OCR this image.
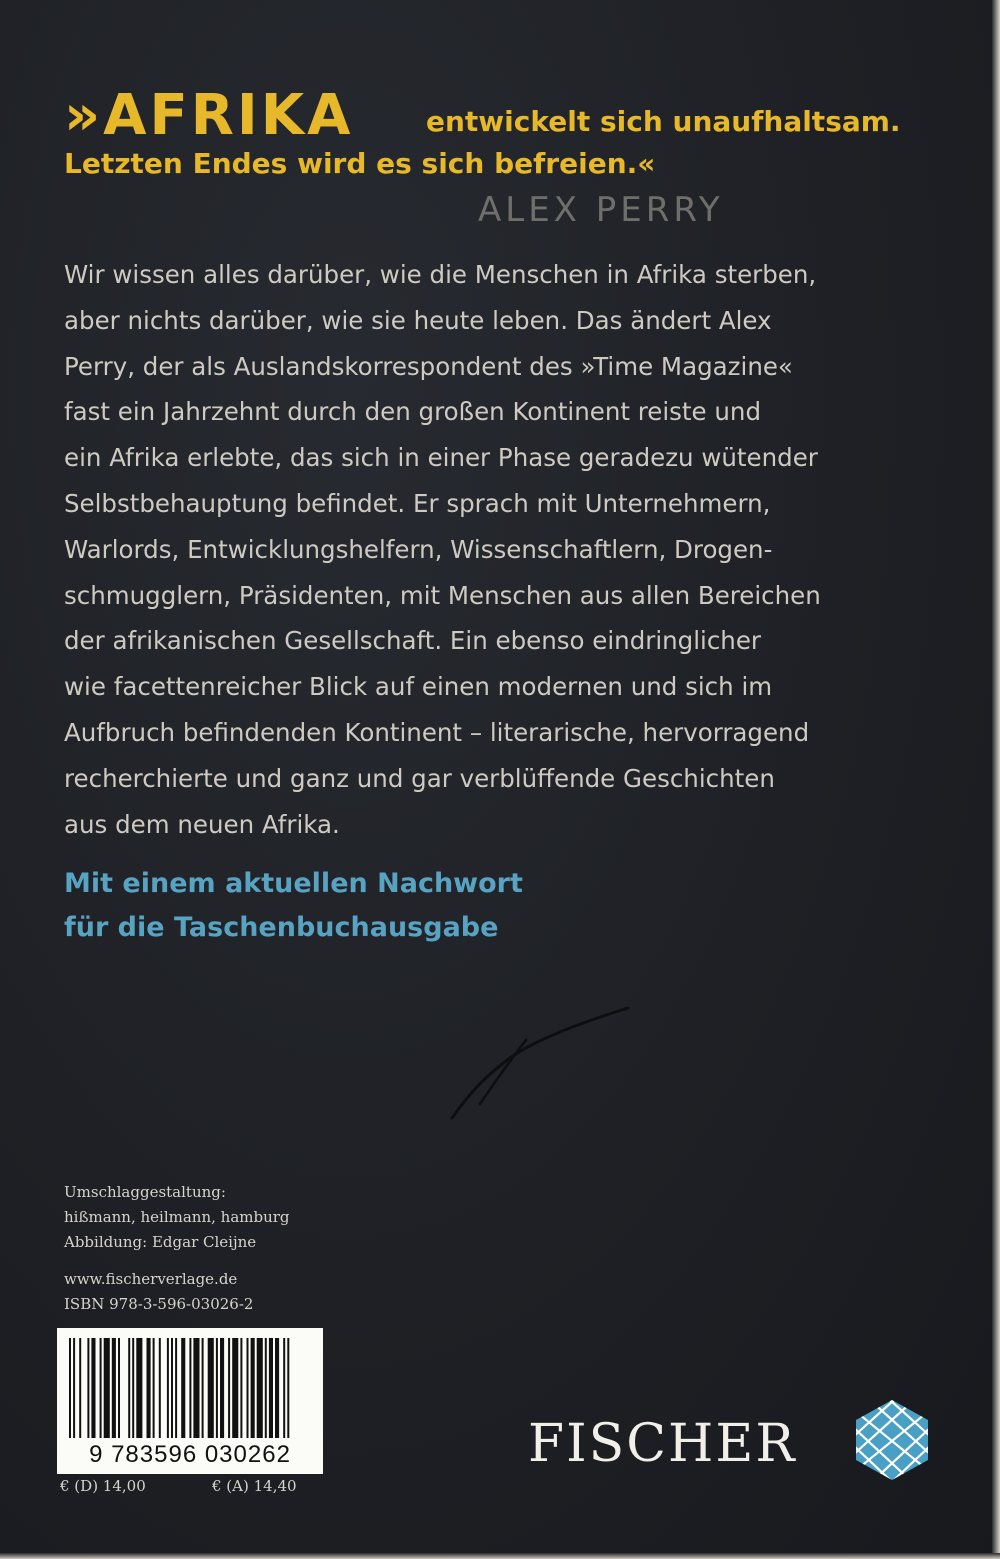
»AFRIKA	entwickelt sich unaufhaltsam.
Letzten Endes wird es sich befreien.«
ALEX PERRY
Wir wissen alles darüber, wie die Menschen in Afrika sterben,
aber nichts darüber, wie sie heute leben. Das ändert Alex
Perry, der als Auslandskorrespondent des »Time Magazine«
fast ein Jahrzehnt durch den großen Kontinent reiste und
ein Afrika erlebte, das sich in einer Phase geradezu wütender
Selbstbehauptung befindet. Er sprach mit Unternehmern,
Warlords, Entwicklungshelfern, Wissenschaftlern, Drogen-
schmugglern, Präsidenten, mit Menschen aus allen Bereichen
der afrikanischen Gesellschaft. Ein ebenso eindringlicher
wie facettenreicher Blick auf einen modernen und sich im
Aufbruch befindenden Kontinent – literarische, hervorragend
recherchierte und ganz und gar verblüffende Geschichten
aus dem neuen Afrika.
Mit einem aktuellen Nachwort
für die Taschenbuchausgabe
Umschlaggestaltung:
hißmann, heilmann, hamburg
Abbildung: Edgar Cleijne
www.fischerverlage.de
ISBN 978-3-596-03026-2
9 783596 030262
€ (D) 14,00	€ (A) 14,40
FISCHER
